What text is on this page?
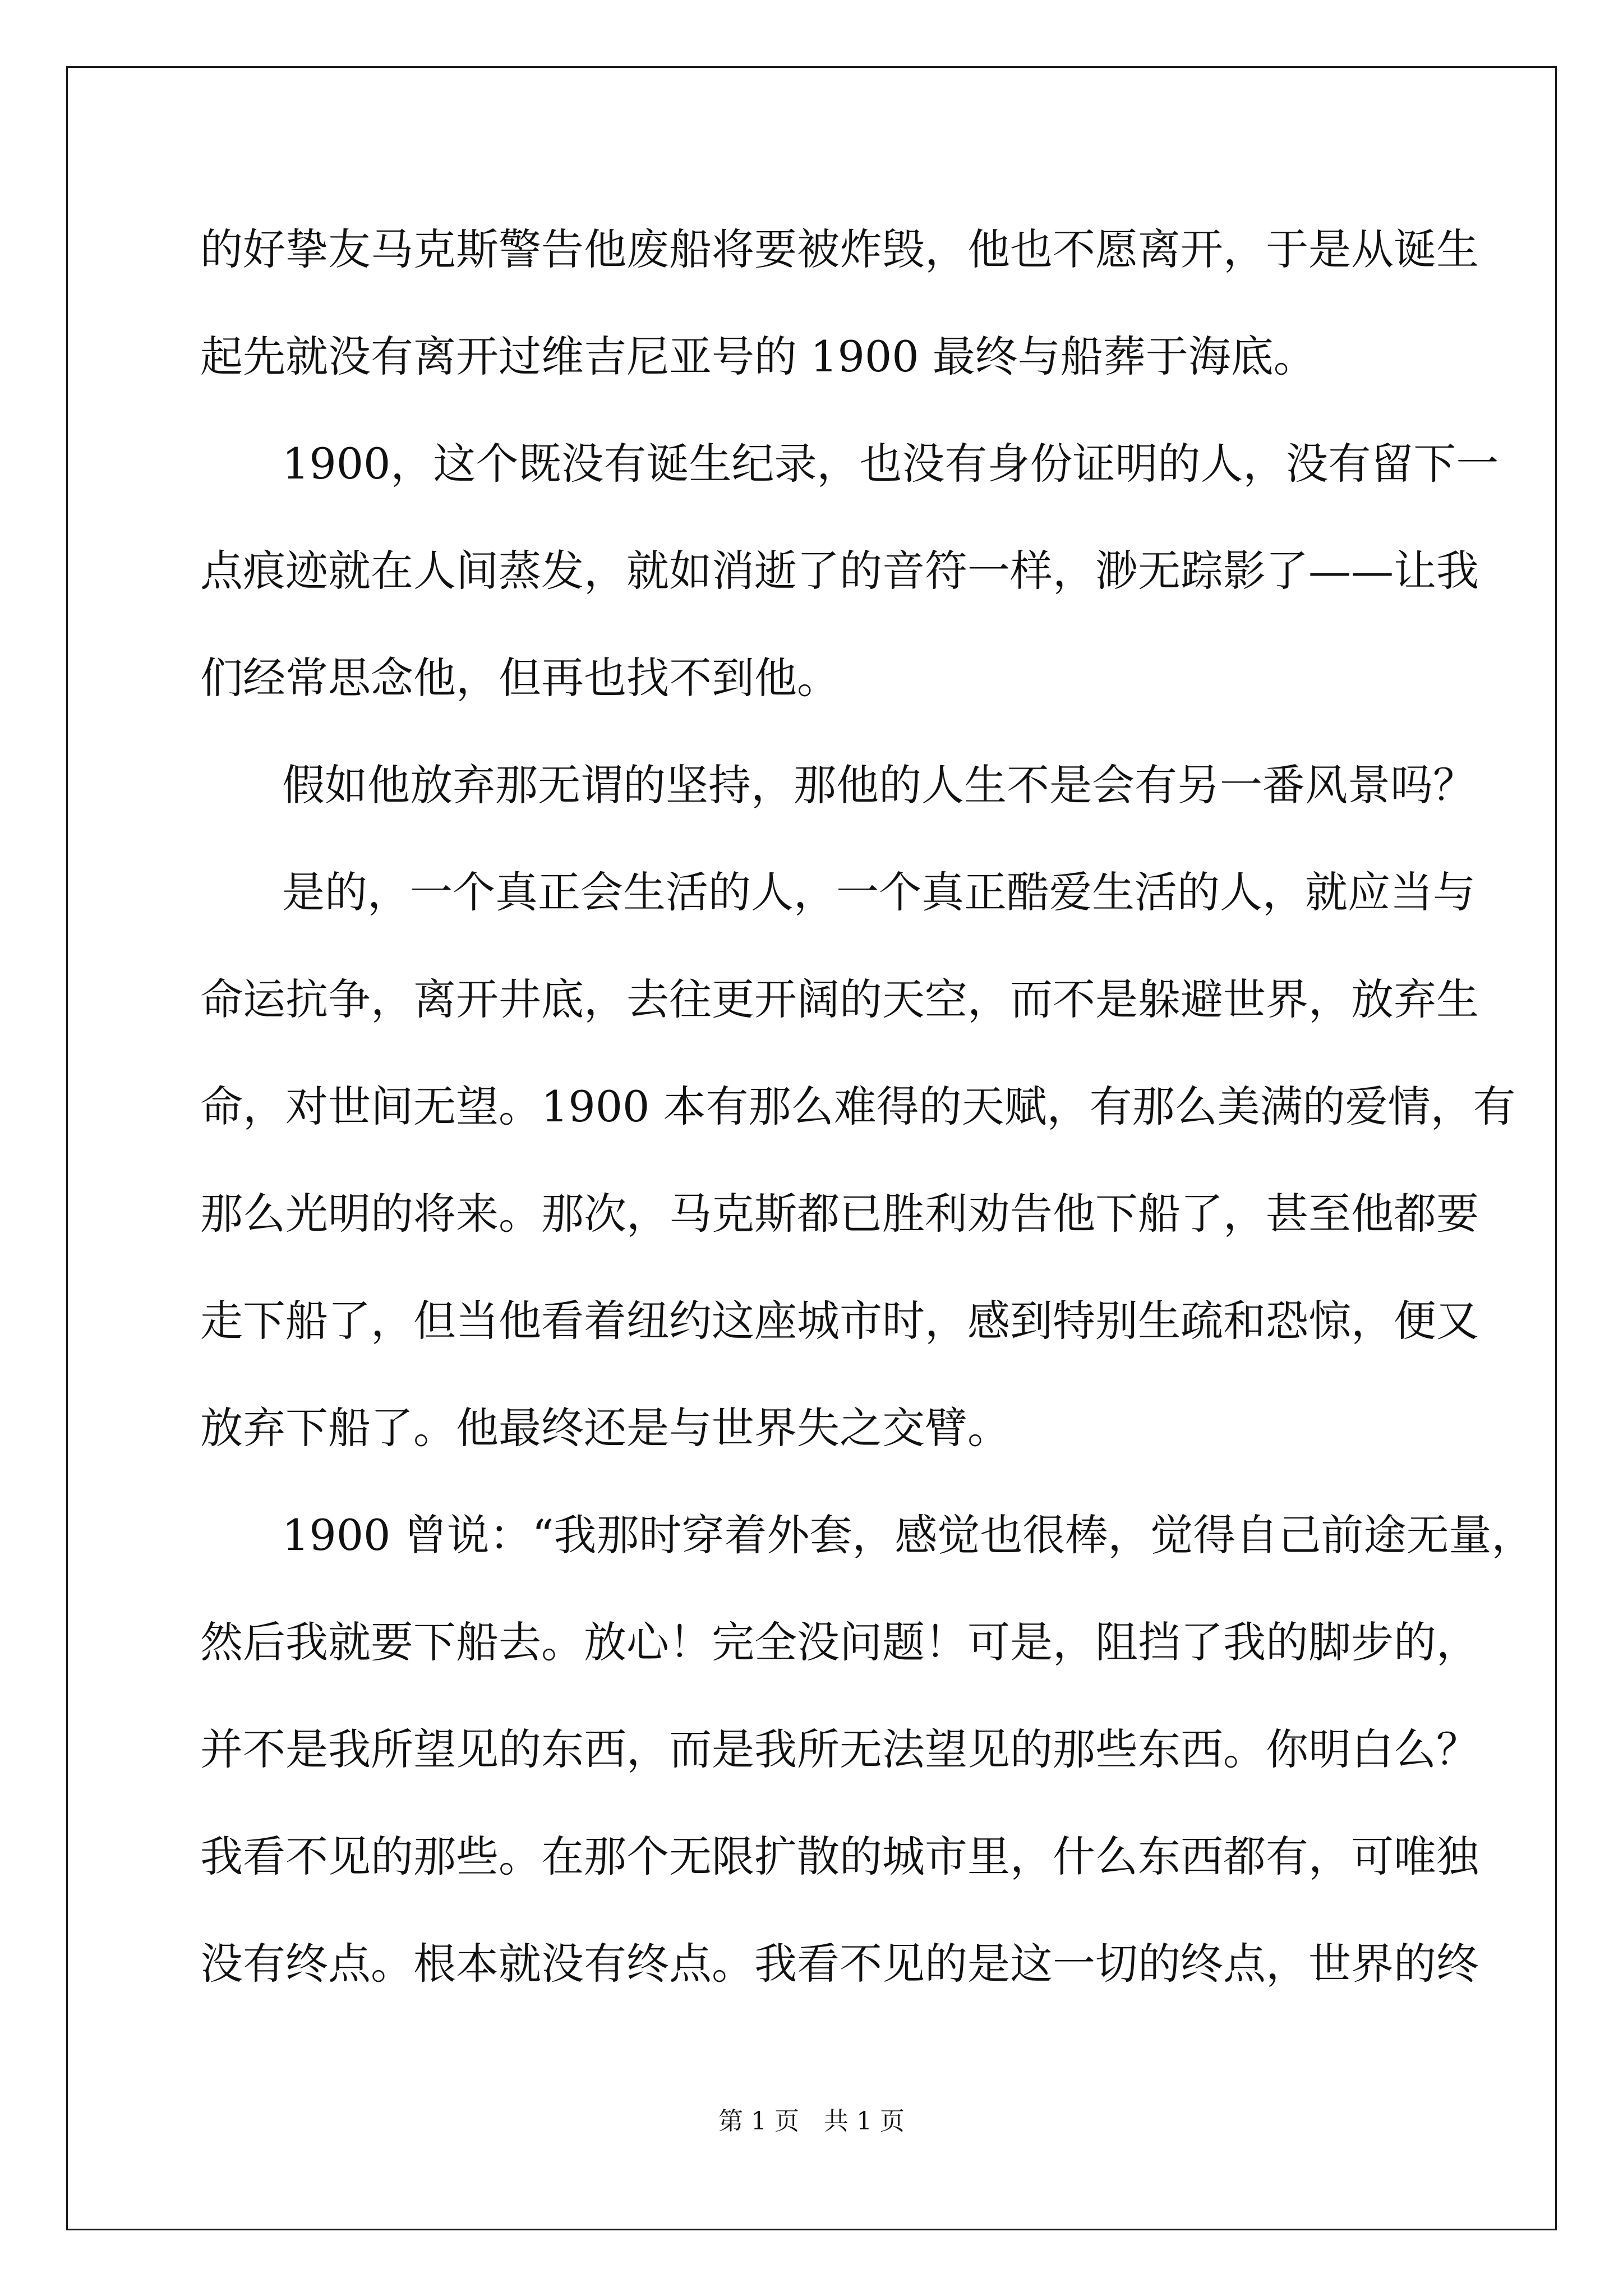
的好挚友马克斯警告他废船将要被炸毁，他也不愿离开，于是从诞生
起先就没有离开过维吉尼亚号的 1900 最终与船葬于海底。
1900，这个既没有诞生纪录，也没有身份证明的人，没有留下一
点痕迹就在人间蒸发，就如消逝了的音符一样，渺无踪影了——让我
们经常思念他，但再也找不到他。
假如他放弃那无谓的坚持，那他的人生不是会有另一番风景吗？
是的，一个真正会生活的人，一个真正酷爱生活的人，就应当与
命运抗争，离开井底，去往更开阔的天空，而不是躲避世界，放弃生
命，对世间无望。1900 本有那么难得的天赋，有那么美满的爱情，有
那么光明的将来。那次，马克斯都已胜利劝告他下船了，甚至他都要
走下船了，但当他看着纽约这座城市时，感到特别生疏和恐惊，便又
放弃下船了。他最终还是与世界失之交臂。
1900 曾说：“我那时穿着外套，感觉也很棒，觉得自己前途无量，
然后我就要下船去。放心！完全没问题！可是，阻挡了我的脚步的，
并不是我所望见的东西，而是我所无法望见的那些东西。你明白么？
我看不见的那些。在那个无限扩散的城市里，什么东西都有，可唯独
没有终点。根本就没有终点。我看不见的是这一切的终点，世界的终
第 1 页　共 1 页
